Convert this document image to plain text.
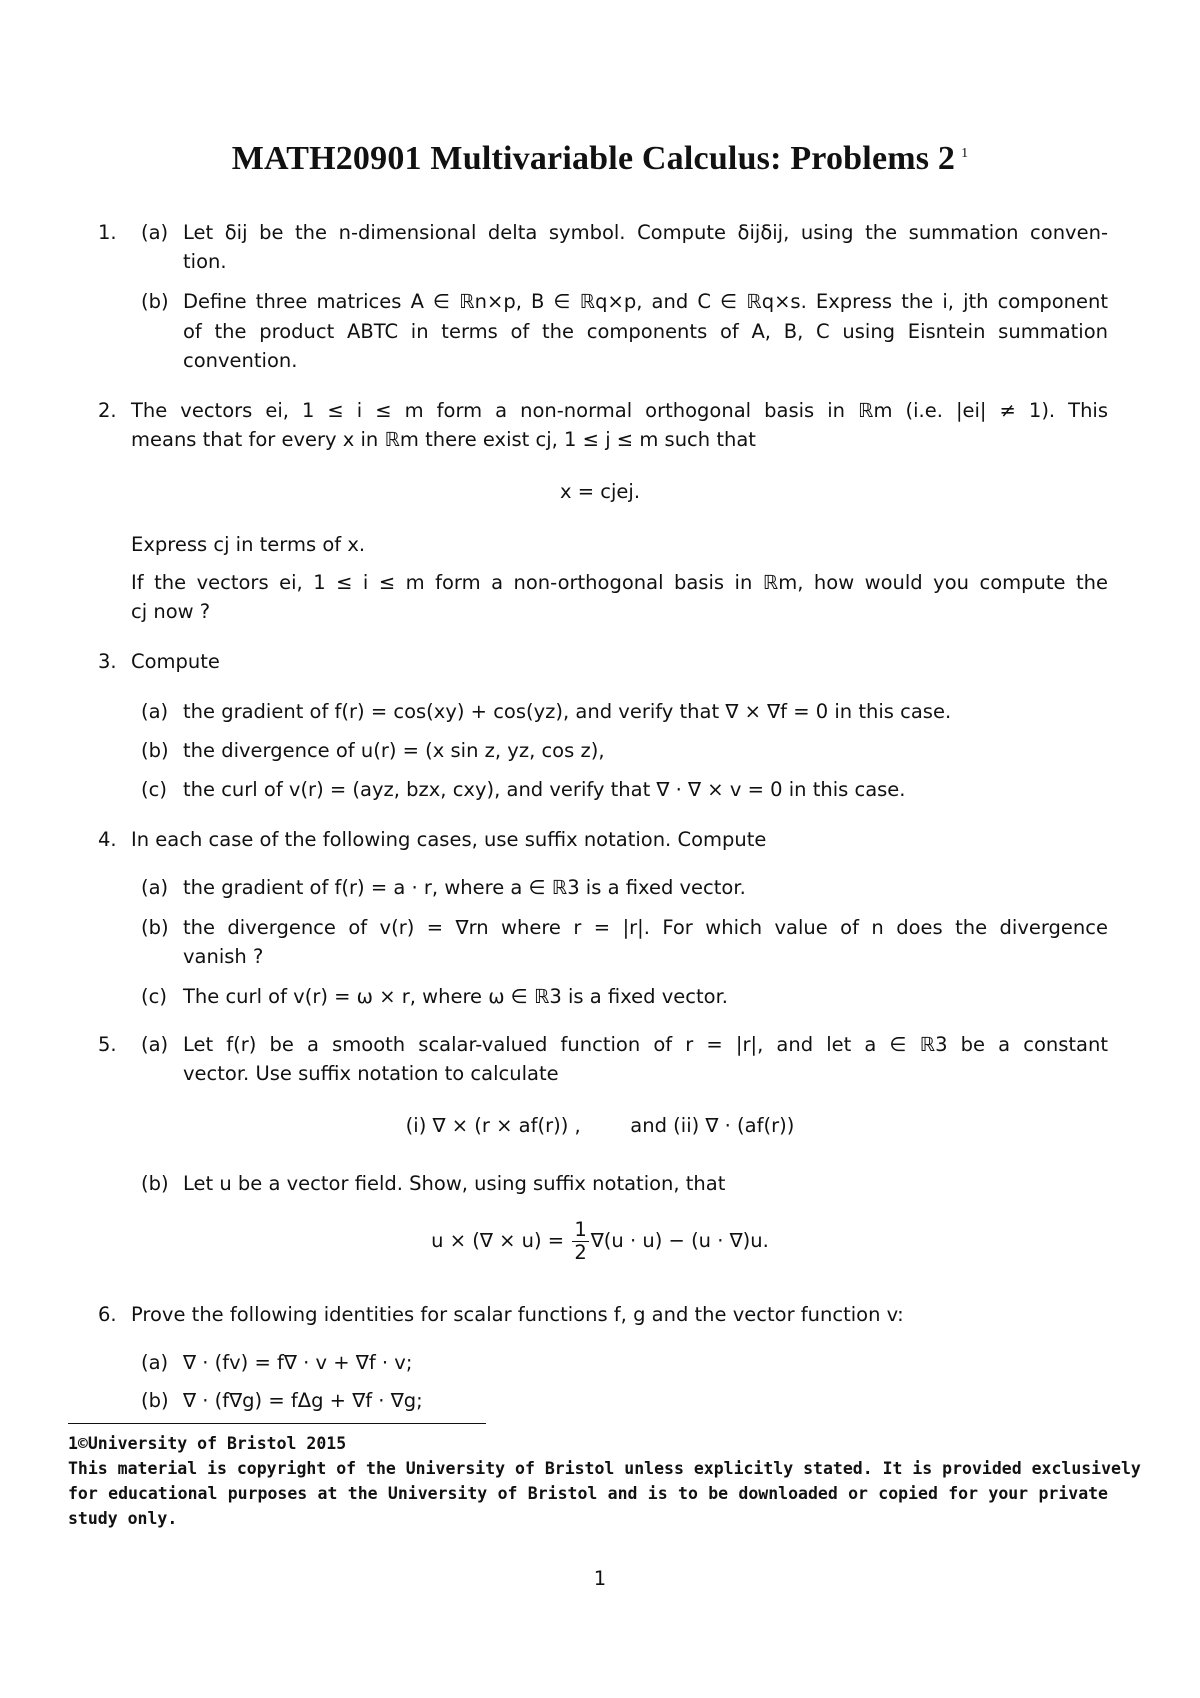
MATH20901 Multivariable Calculus: Problems 2 $^1$
1. (a) Let δij be the n-dimensional delta symbol. Compute δijδij, using the summation conven-
tion.
(b) Define three matrices A ∈ ℝn×p, B ∈ ℝq×p, and C ∈ ℝq×s. Express the i, jth component
of the product ABTC in terms of the components of A, B, C using Eisntein summation
convention.
2. The vectors ei, 1 ≤ i ≤ m form a non-normal orthogonal basis in ℝm (i.e. |ei| ≠ 1). This
means that for every x in ℝm there exist cj, 1 ≤ j ≤ m such that
x = cjej.
Express cj in terms of x.
If the vectors ei, 1 ≤ i ≤ m form a non-orthogonal basis in ℝm, how would you compute the
cj now ?
3. Compute
(a) the gradient of f(r) = cos(xy) + cos(yz), and verify that ∇ × ∇f = 0 in this case.
(b) the divergence of u(r) = (x sin z, yz, cos z),
(c) the curl of v(r) = (ayz, bzx, cxy), and verify that ∇ · ∇ × v = 0 in this case.
4. In each case of the following cases, use suffix notation. Compute
(a) the gradient of f(r) = a · r, where a ∈ ℝ3 is a fixed vector.
(b) the divergence of v(r) = ∇rn where r = |r|. For which value of n does the divergence
vanish ?
(c) The curl of v(r) = ω × r, where ω ∈ ℝ3 is a fixed vector.
5. (a) Let f(r) be a smooth scalar-valued function of r = |r|, and let a ∈ ℝ3 be a constant
vector. Use suffix notation to calculate
(i) ∇ × (r × af(r)) ,        and (ii) ∇ · (af(r))
(b) Let u be a vector field. Show, using suffix notation, that
u × (∇ × $u) = \frac{1}{2} \nabla(u \cdot u) - (u \cdot \nabla)u$.
6. Prove the following identities for scalar functions f, g and the vector function v:
(a) ∇ · (fv) = f∇ · v + ∇f · v;
(b) ∇ · (f∇g) = fΔg + ∇f · ∇g;
1©University of Bristol 2015
This material is copyright of the University of Bristol unless explicitly stated. It is provided exclusively
for educational purposes at the University of Bristol and is to be downloaded or copied for your private
study only.
1
